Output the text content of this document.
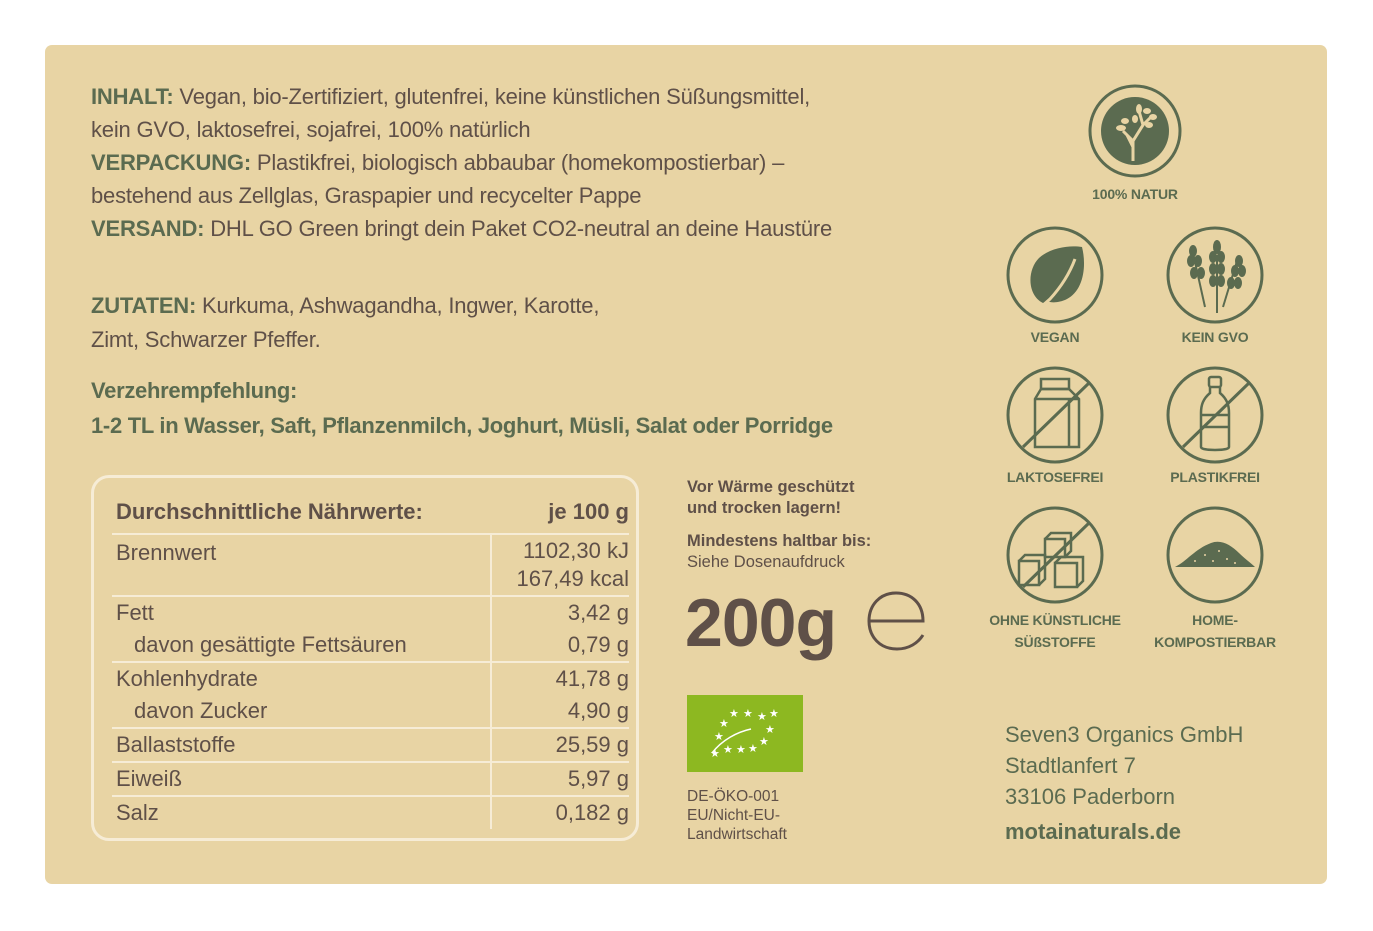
INHALT: Vegan, bio-Zertifiziert, glutenfrei, keine künstlichen Süßungsmittel,

kein GVO, laktosefrei, sojafrei, 100% natürlich

VERPACKUNG: Plastikfrei, biologisch abbaubar (homekompostierbar) –

bestehend aus Zellglas, Graspapier und recycelter Pappe

VERSAND: DHL GO Green bringt dein Paket CO2-neutral an deine Haustüre

ZUTATEN: Kurkuma, Ashwagandha, Ingwer, Karotte,

Zimt, Schwarzer Pfeffer.

Verzehrempfehlung:

1-2 TL in Wasser, Saft, Pflanzenmilch, Joghurt, Müsli, Salat oder Porridge

Durchschnittliche Nährwerte:	je 100 g
Brennwert	1102,30 kJ
167,49 kcal

Fett	3,42 g
davon gesättigte Fettsäuren	0,79 g
Kohlenhydrate	41,78 g
davon Zucker	4,90 g
Ballaststoffe	25,59 g
Eiweiß	5,97 g
Salz	0,182 g
Vor Wärme geschützt
und trocken lagern!
Mindestens haltbar bis:
Siehe Dosenaufdruck
200g
★ ★ ★ ★
★	★
★	★
★
★
★
★
DE-ÖKO-001
EU/Nicht-EU-
Landwirtschaft
100% NATUR
VEGAN	KEIN GVO
LAKTOSEFREI	PLASTIKFREI
OHNE KÜNSTLICHE
SÜßSTOFFE
HOME-
KOMPOSTIERBAR
Seven3 Organics GmbH
Stadtlanfert 7
33106 Paderborn
motainaturals.de
